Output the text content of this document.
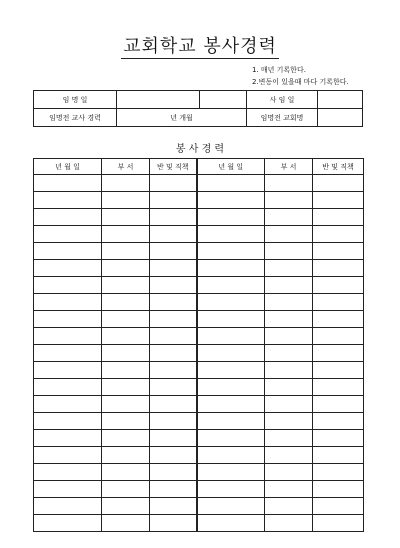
교회학교 봉사경력
1. 매년 기록한다.
2.변동이 있을때 마다 기록한다.
임 명 일			사 임 일	
임명전 교사 경력	년 개월		임명전 교회명	
봉 사 경 력
년 월 일	부 서	반 및 직책	년 월 일	부 서	반 및 직책
